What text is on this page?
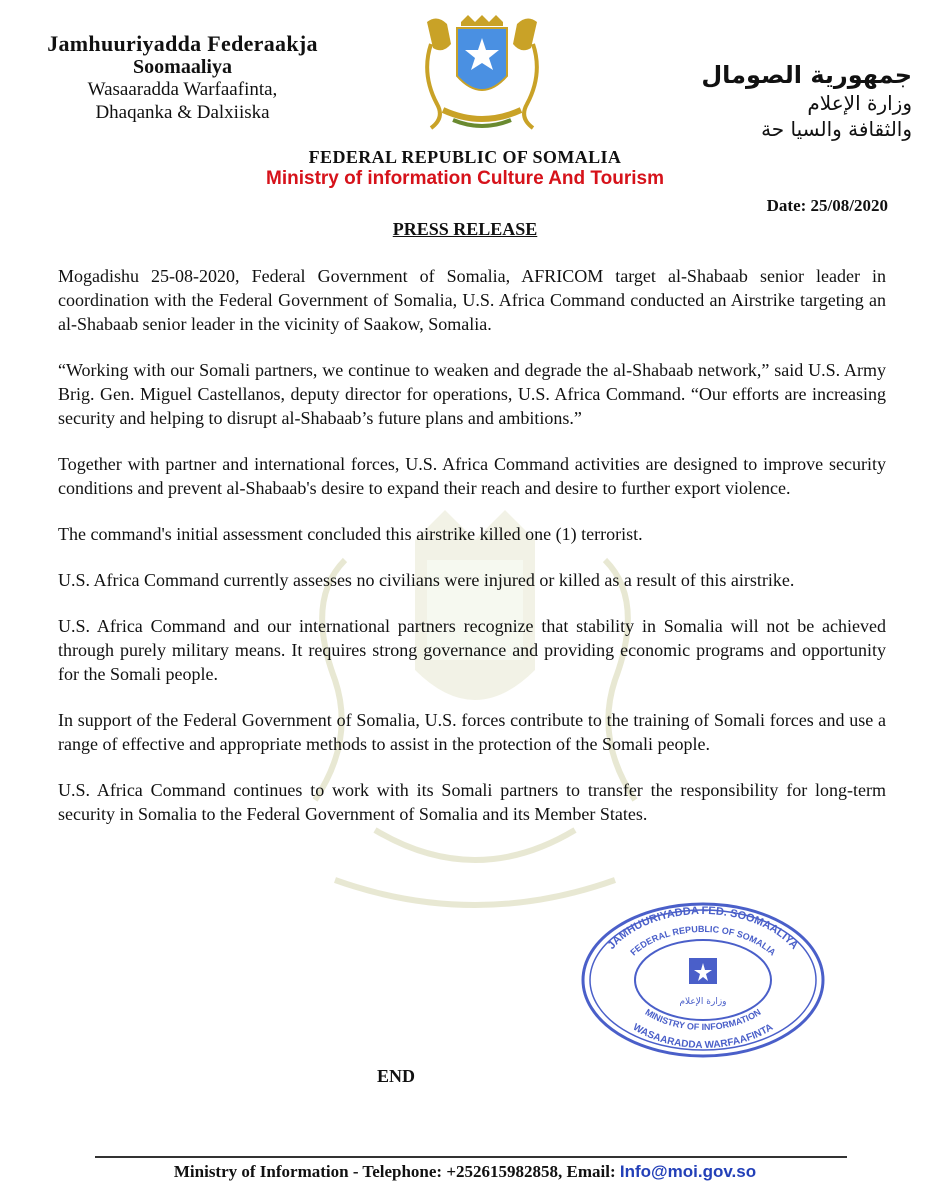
Jamhuuriyadda Federaakja
Soomaaliya
Wasaaradda Warfaafinta,
Dhaqanka & Dalxiiska
جمهورية الصومال
وزارة الإعلام
والثقافة والسيا حة
FEDERAL REPUBLIC OF SOMALIA
Ministry of information Culture And Tourism
Date: 25/08/2020
PRESS RELEASE

Mogadishu 25-08-2020, Federal Government of Somalia, AFRICOM target al-Shabaab senior leader in coordination with the Federal Government of Somalia, U.S. Africa Command conducted an Airstrike targeting an al-Shabaab senior leader in the vicinity of Saakow, Somalia.

“Working with our Somali partners, we continue to weaken and degrade the al-Shabaab network,” said U.S. Army Brig. Gen. Miguel Castellanos, deputy director for operations, U.S. Africa Command. “Our efforts are increasing security and helping to disrupt al-Shabaab’s future plans and ambitions.”

Together with partner and international forces, U.S. Africa Command activities are designed to improve security conditions and prevent al-Shabaab's desire to expand their reach and desire to further export violence.

The command's initial assessment concluded this airstrike killed one (1) terrorist.

U.S. Africa Command currently assesses no civilians were injured or killed as a result of this airstrike.

U.S. Africa Command and our international partners recognize that stability in Somalia will not be achieved through purely military means. It requires strong governance and providing economic programs and opportunity for the Somali people.

In support of the Federal Government of Somalia, U.S. forces contribute to the training of Somali forces and use a range of effective and appropriate methods to assist in the protection of the Somali people.

U.S. Africa Command continues to work with its Somali partners to transfer the responsibility for long-term security in Somalia to the Federal Government of Somalia and its Member States.

JAMHUURIYADDA FED. SOOMAALIYA
FEDERAL REPUBLIC OF SOMALIA
MINISTRY OF INFORMATION
WASAARADDA WARFAAFINTA
وزارة الإعلام
END
Ministry of Information - Telephone: +252615982858, Email: Info@moi.gov.so
